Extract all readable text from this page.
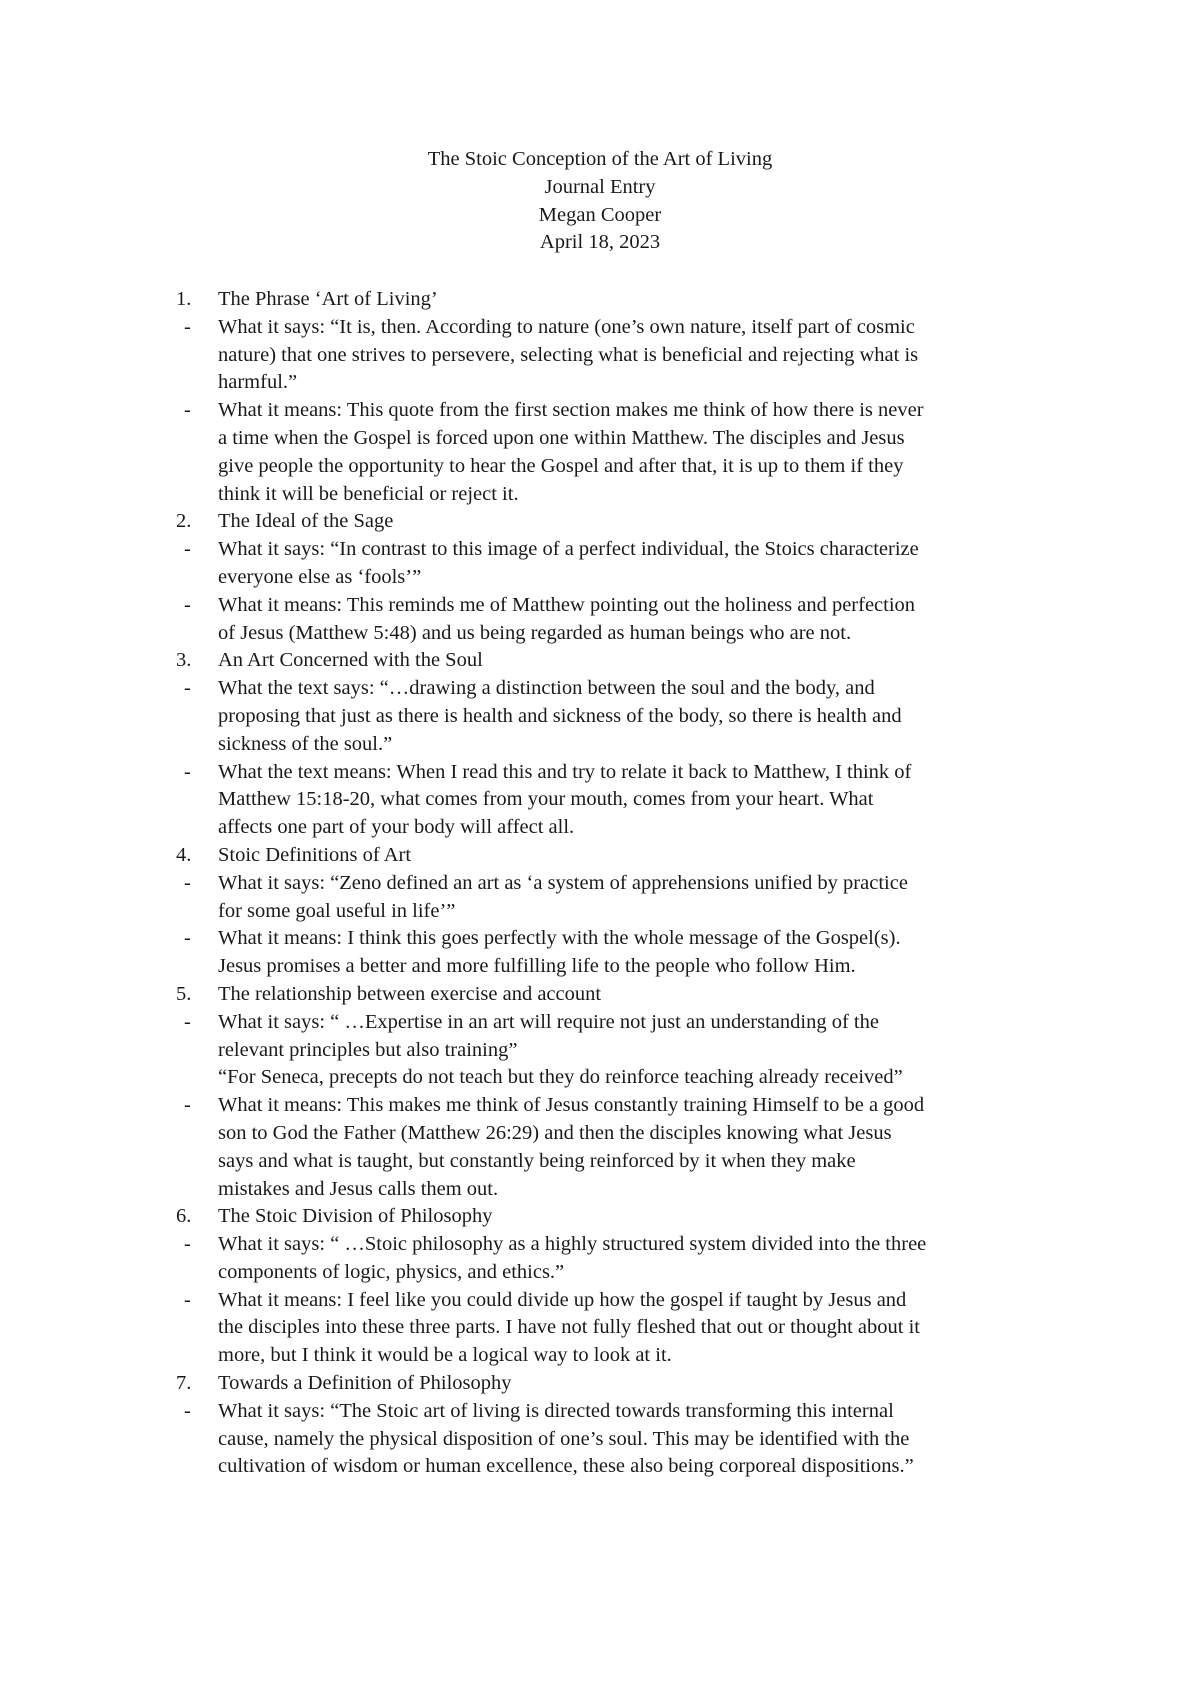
The Stoic Conception of the Art of Living
Journal Entry
Megan Cooper
April 18, 2023
1. The Phrase ‘Art of Living’

- What it says: “It is, then. According to nature (one’s own nature, itself part of cosmic

nature) that one strives to persevere, selecting what is beneficial and rejecting what is

harmful.”

- What it means: This quote from the first section makes me think of how there is never

a time when the Gospel is forced upon one within Matthew. The disciples and Jesus

give people the opportunity to hear the Gospel and after that, it is up to them if they

think it will be beneficial or reject it.

2. The Ideal of the Sage

- What it says: “In contrast to this image of a perfect individual, the Stoics characterize

everyone else as ‘fools’”

- What it means: This reminds me of Matthew pointing out the holiness and perfection

of Jesus (Matthew 5:48) and us being regarded as human beings who are not.

3. An Art Concerned with the Soul

- What the text says: “…drawing a distinction between the soul and the body, and

proposing that just as there is health and sickness of the body, so there is health and

sickness of the soul.”

- What the text means: When I read this and try to relate it back to Matthew, I think of

Matthew 15:18-20, what comes from your mouth, comes from your heart. What

affects one part of your body will affect all.

4. Stoic Definitions of Art

- What it says: “Zeno defined an art as ‘a system of apprehensions unified by practice

for some goal useful in life’”

- What it means: I think this goes perfectly with the whole message of the Gospel(s).

Jesus promises a better and more fulfilling life to the people who follow Him.

5. The relationship between exercise and account

- What it says: “ …Expertise in an art will require not just an understanding of the

relevant principles but also training”

“For Seneca, precepts do not teach but they do reinforce teaching already received”

- What it means: This makes me think of Jesus constantly training Himself to be a good

son to God the Father (Matthew 26:29) and then the disciples knowing what Jesus

says and what is taught, but constantly being reinforced by it when they make

mistakes and Jesus calls them out.

6. The Stoic Division of Philosophy

- What it says: “ …Stoic philosophy as a highly structured system divided into the three

components of logic, physics, and ethics.”

- What it means: I feel like you could divide up how the gospel if taught by Jesus and

the disciples into these three parts. I have not fully fleshed that out or thought about it

more, but I think it would be a logical way to look at it.

7. Towards a Definition of Philosophy

- What it says: “The Stoic art of living is directed towards transforming this internal

cause, namely the physical disposition of one’s soul. This may be identified with the

cultivation of wisdom or human excellence, these also being corporeal dispositions.”
